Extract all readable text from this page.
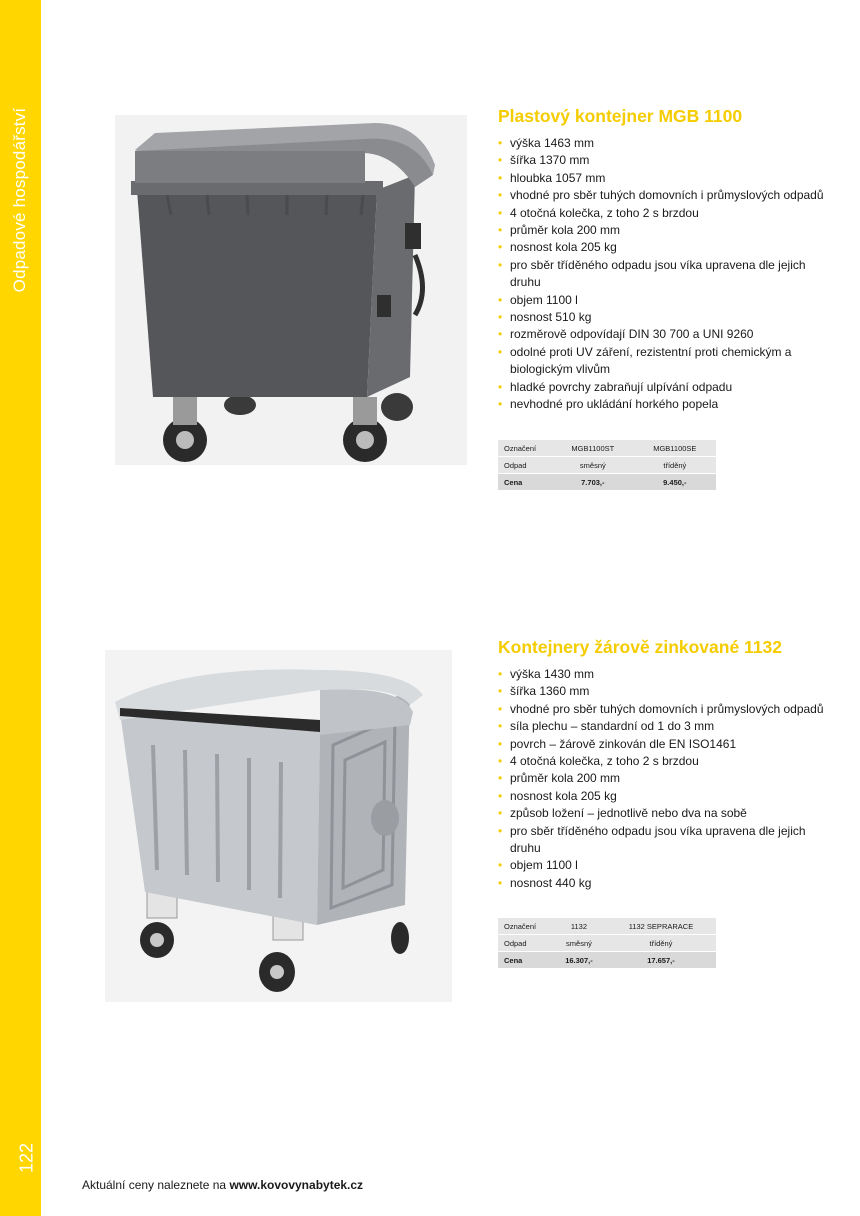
Odpadové hospodářství
122
Plastový kontejner MGB 1100
• výška 1463 mm
• šířka 1370 mm
• hloubka 1057 mm
• vhodné pro sběr tuhých domovních i průmyslových odpadů
• 4 otočná kolečka, z toho 2 s brzdou
• průměr kola 200 mm
• nosnost kola 205 kg
• pro sběr tříděného odpadu jsou víka upravena dle jejich druhu
• objem 1100 l
• nosnost 510 kg
• rozměrově odpovídají DIN 30 700 a UNI 9260
• odolné proti UV záření, rezistentní proti chemickým a biologickým vlivům
• hladké povrchy zabraňují ulpívání odpadu
• nevhodné pro ukládání horkého popela
Označení	MGB1100ST	MGB1100SE
Odpad	směsný	tříděný
Cena	7.703,-	9.450,-
Kontejnery žárově zinkované 1132
• výška 1430 mm
• šířka 1360 mm
• vhodné pro sběr tuhých domovních i průmyslových odpadů
• síla plechu – standardní od 1 do 3 mm
• povrch – žárově zinkován dle EN ISO1461
• 4 otočná kolečka, z toho 2 s brzdou
• průměr kola 200 mm
• nosnost kola 205 kg
• způsob ložení – jednotlivě nebo dva na sobě
• pro sběr tříděného odpadu jsou víka upravena dle jejich druhu
• objem 1100 l
• nosnost 440 kg
Označení	1132	1132 SEPRARACE
Odpad	směsný	tříděný
Cena	16.307,-	17.657,-
Aktuální ceny naleznete na www.kovovynabytek.cz
